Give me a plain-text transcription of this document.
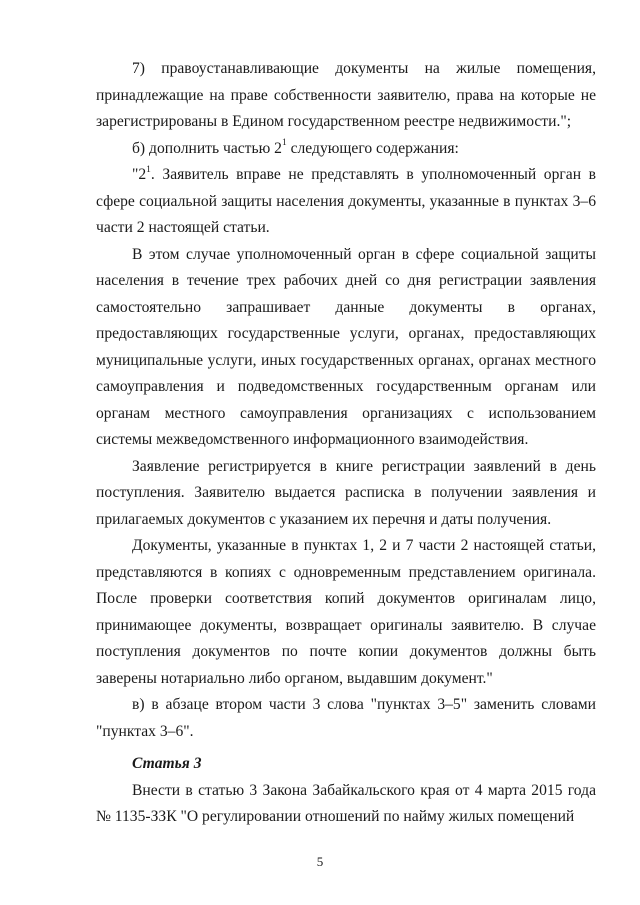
7) правоустанавливающие документы на жилые помещения, принадлежащие на праве собственности заявителю, права на которые не зарегистрированы в Едином государственном реестре недвижимости.";

б) дополнить частью $2^1$ следующего содержания:

"$2^1$. Заявитель вправе не представлять в уполномоченный орган в сфере социальной защиты населения документы, указанные в пунктах 3–6 части 2 настоящей статьи.

В этом случае уполномоченный орган в сфере социальной защиты населения в течение трех рабочих дней со дня регистрации заявления самостоятельно запрашивает данные документы в органах, предоставляющих государственные услуги, органах, предоставляющих муниципальные услуги, иных государственных органах, органах местного самоуправления и подведомственных государственным органам или органам местного самоуправления организациях с использованием системы межведомственного информационного взаимодействия.

Заявление регистрируется в книге регистрации заявлений в день поступления. Заявителю выдается расписка в получении заявления и прилагаемых документов с указанием их перечня и даты получения.

Документы, указанные в пунктах 1, 2 и 7 части 2 настоящей статьи, представляются в копиях с одновременным представлением оригинала. После проверки соответствия копий документов оригиналам лицо, принимающее документы, возвращает оригиналы заявителю. В случае поступления документов по почте копии документов должны быть заверены нотариально либо органом, выдавшим документ."

в) в абзаце втором части 3 слова "пунктах 3–5" заменить словами "пунктах 3–6".

Статья 3

Внести в статью 3 Закона Забайкальского края от 4 марта 2015 года № 1135-ЗЗК "О регулировании отношений по найму жилых помещений

5
